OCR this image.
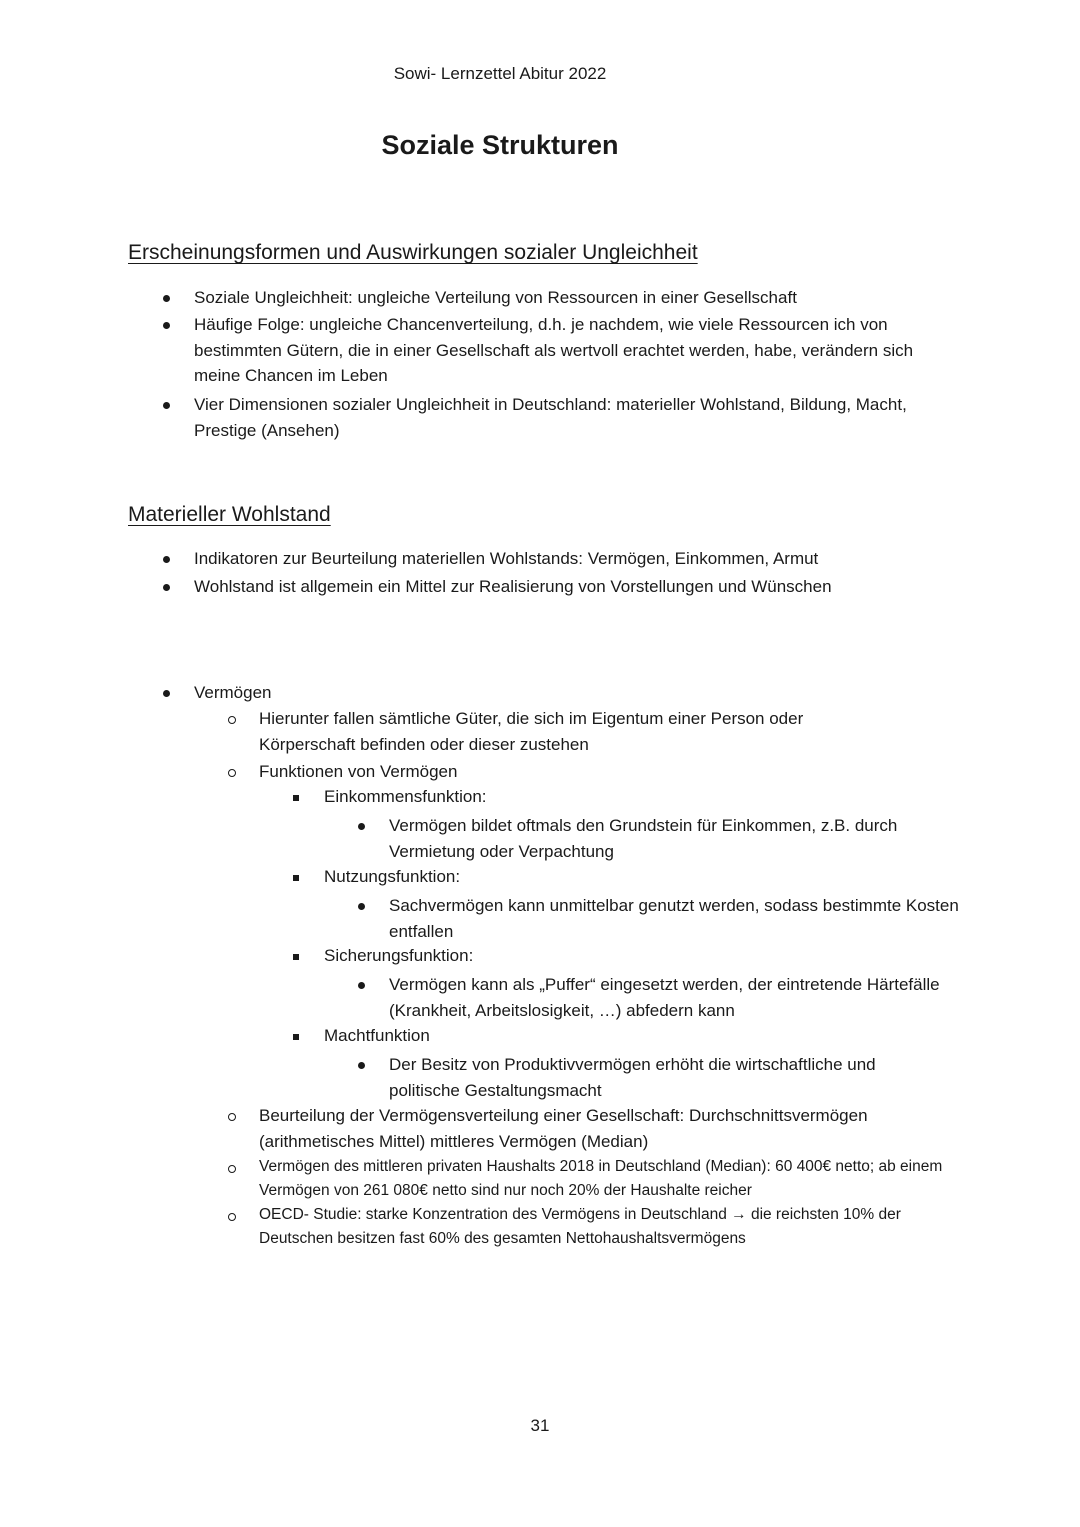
Sowi- Lernzettel Abitur 2022
Soziale Strukturen
Erscheinungsformen und Auswirkungen sozialer Ungleichheit
Soziale Ungleichheit: ungleiche Verteilung von Ressourcen in einer Gesellschaft
Häufige Folge: ungleiche Chancenverteilung, d.h. je nachdem, wie viele Ressourcen ich von bestimmten Gütern, die in einer Gesellschaft als wertvoll erachtet werden, habe, verändern sich meine Chancen im Leben
Vier Dimensionen sozialer Ungleichheit in Deutschland: materieller Wohlstand, Bildung, Macht, Prestige (Ansehen)
Materieller Wohlstand
Indikatoren zur Beurteilung materiellen Wohlstands: Vermögen, Einkommen, Armut
Wohlstand ist allgemein ein Mittel zur Realisierung von Vorstellungen und Wünschen
Vermögen
Hierunter fallen sämtliche Güter, die sich im Eigentum einer Person oder Körperschaft befinden oder dieser zustehen
Funktionen von Vermögen
Einkommensfunktion:
Vermögen bildet oftmals den Grundstein für Einkommen, z.B. durch Vermietung oder Verpachtung
Nutzungsfunktion:
Sachvermögen kann unmittelbar genutzt werden, sodass bestimmte Kosten entfallen
Sicherungsfunktion:
Vermögen kann als „Puffer“ eingesetzt werden, der eintretende Härtefälle (Krankheit, Arbeitslosigkeit, …) abfedern kann
Machtfunktion
Der Besitz von Produktivvermögen erhöht die wirtschaftliche und politische Gestaltungsmacht
Beurteilung der Vermögensverteilung einer Gesellschaft: Durchschnittsvermögen (arithmetisches Mittel) mittleres Vermögen (Median)
Vermögen des mittleren privaten Haushalts 2018 in Deutschland (Median): 60 400€ netto; ab einem Vermögen von 261 080€ netto sind nur noch 20% der Haushalte reicher
OECD- Studie: starke Konzentration des Vermögens in Deutschland → die reichsten 10% der Deutschen besitzen fast 60% des gesamten Nettohaushaltsvermögens
31
